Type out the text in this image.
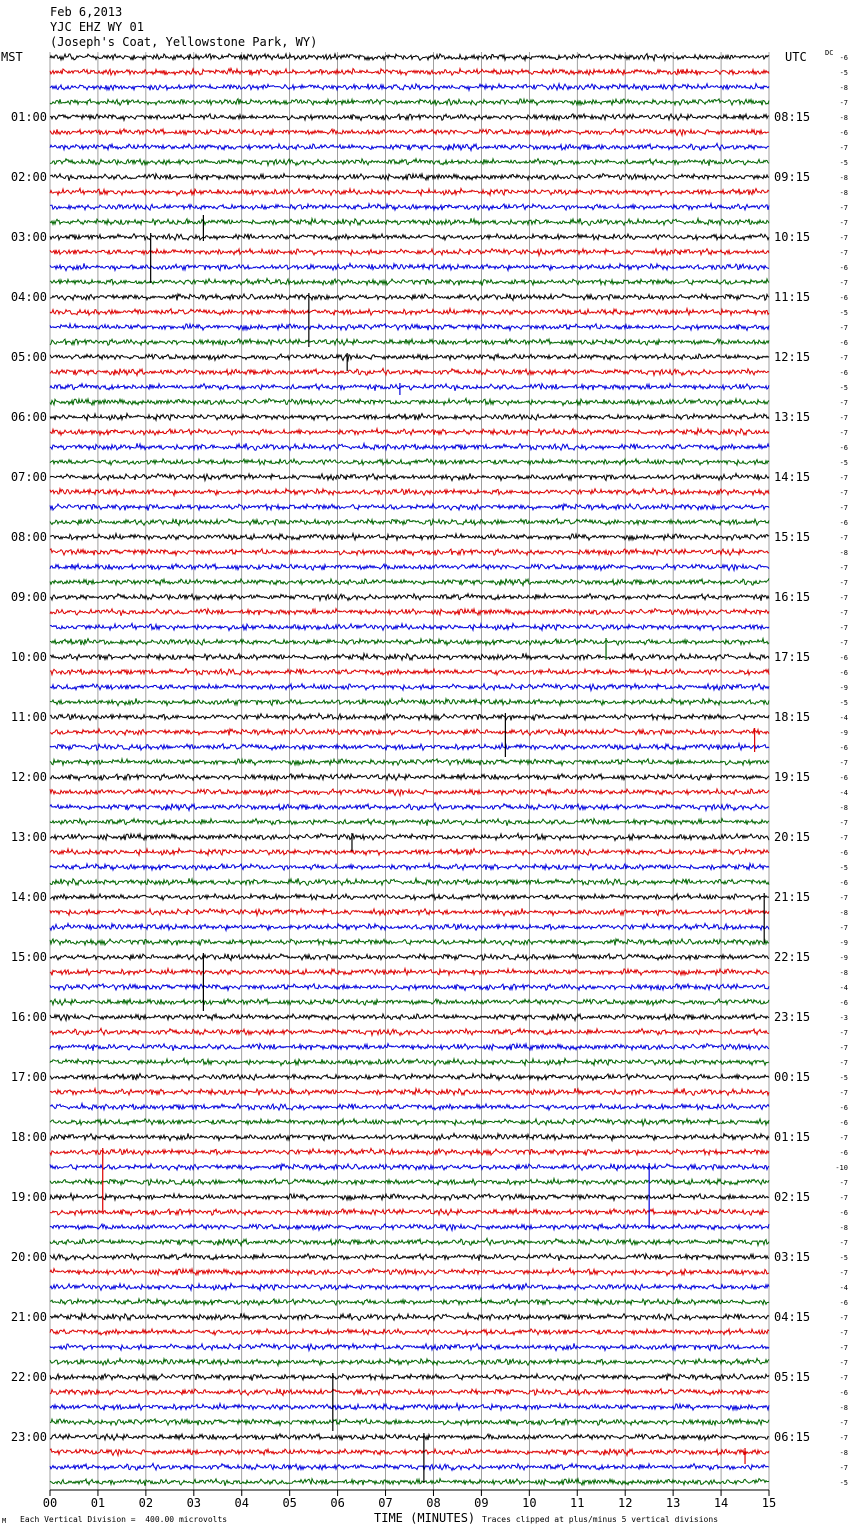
Feb 6,2013
YJC EHZ WY 01
(Joseph's Coat, Yellowstone Park, WY)
MST	UTC	DC
00	01	02	03	04	05	06	07	08	09	10	11	12	13	14	15
-6
-5
-8
-7
-8
-6
-7
-5
-8
-8
-7
-7
-7
-7
-6
-7
-6
-5
-7
-6
-7
-6
-5
-7
-7
-7
-6
-5
-7
-7
-7
-6
-7
-8
-7
-7
-7
-7
-7
-7
-6
-6
-9
-5
-4
-9
-6
-7
-6
-4
-8
-7
-7
-6
-5
-6
-7
-8
-7
-9
-9
-8
-4
-6
-3
-7
-7
-7
-5
-7
-6
-6
-7
-6
-10
-7
-7
-6
-8
-7
-5
-7
-4
-6
-7
-7
-7
-7
-7
-6
-8
-7
-7
-8
-7
-5
01:00
02:00
03:00
04:00
05:00
06:00
07:00
08:00
09:00
10:00
11:00
12:00
13:00
14:00
15:00
16:00
17:00
18:00
19:00
20:00
21:00
22:00
23:00
08:15
09:15
10:15
11:15
12:15
13:15
14:15
15:15
16:15
17:15
18:15
19:15
20:15
21:15
22:15
23:15
00:15
01:15
02:15
03:15
04:15
05:15
06:15
M Each Vertical Division =  400.00 microvolts	TIME (MINUTES) Traces clipped at plus/minus 5 vertical divisions
